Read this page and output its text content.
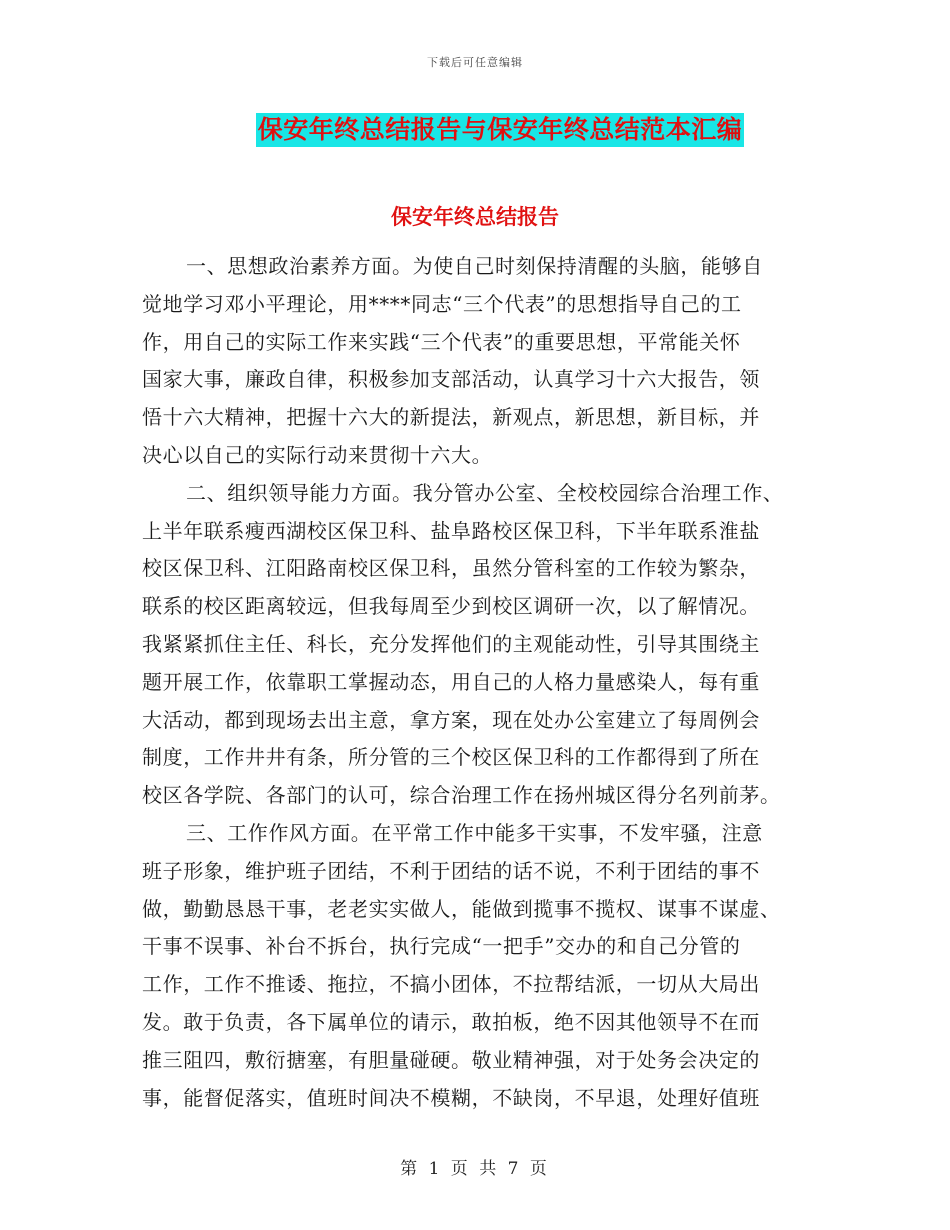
下载后可任意编辑
保安年终总结报告与保安年终总结范本汇编
保安年终总结报告
一、思想政治素养方面。为使自己时刻保持清醒的头脑，能够自
觉地学习邓小平理论，用****同志“三个代表”的思想指导自己的工
作，用自己的实际工作来实践“三个代表”的重要思想，平常能关怀
国家大事，廉政自律，积极参加支部活动，认真学习十六大报告，领
悟十六大精神，把握十六大的新提法，新观点，新思想，新目标，并
决心以自己的实际行动来贯彻十六大。
二、组织领导能力方面。我分管办公室、全校校园综合治理工作、
上半年联系瘦西湖校区保卫科、盐阜路校区保卫科，下半年联系淮盐
校区保卫科、江阳路南校区保卫科，虽然分管科室的工作较为繁杂，
联系的校区距离较远，但我每周至少到校区调研一次，以了解情况。
我紧紧抓住主任、科长，充分发挥他们的主观能动性，引导其围绕主
题开展工作，依靠职工掌握动态，用自己的人格力量感染人，每有重
大活动，都到现场去出主意，拿方案，现在处办公室建立了每周例会
制度，工作井井有条，所分管的三个校区保卫科的工作都得到了所在
校区各学院、各部门的认可，综合治理工作在扬州城区得分名列前茅。
三、工作作风方面。在平常工作中能多干实事，不发牢骚，注意
班子形象，维护班子团结，不利于团结的话不说，不利于团结的事不
做，勤勤恳恳干事，老老实实做人，能做到揽事不揽权、谋事不谋虚、
干事不误事、补台不拆台，执行完成“一把手”交办的和自己分管的
工作，工作不推诿、拖拉，不搞小团体，不拉帮结派，一切从大局出
发。敢于负责，各下属单位的请示，敢拍板，绝不因其他领导不在而
推三阻四，敷衍搪塞，有胆量碰硬。敬业精神强，对于处务会决定的
事，能督促落实，值班时间决不模糊，不缺岗，不早退，处理好值班
第 1 页 共 7 页
